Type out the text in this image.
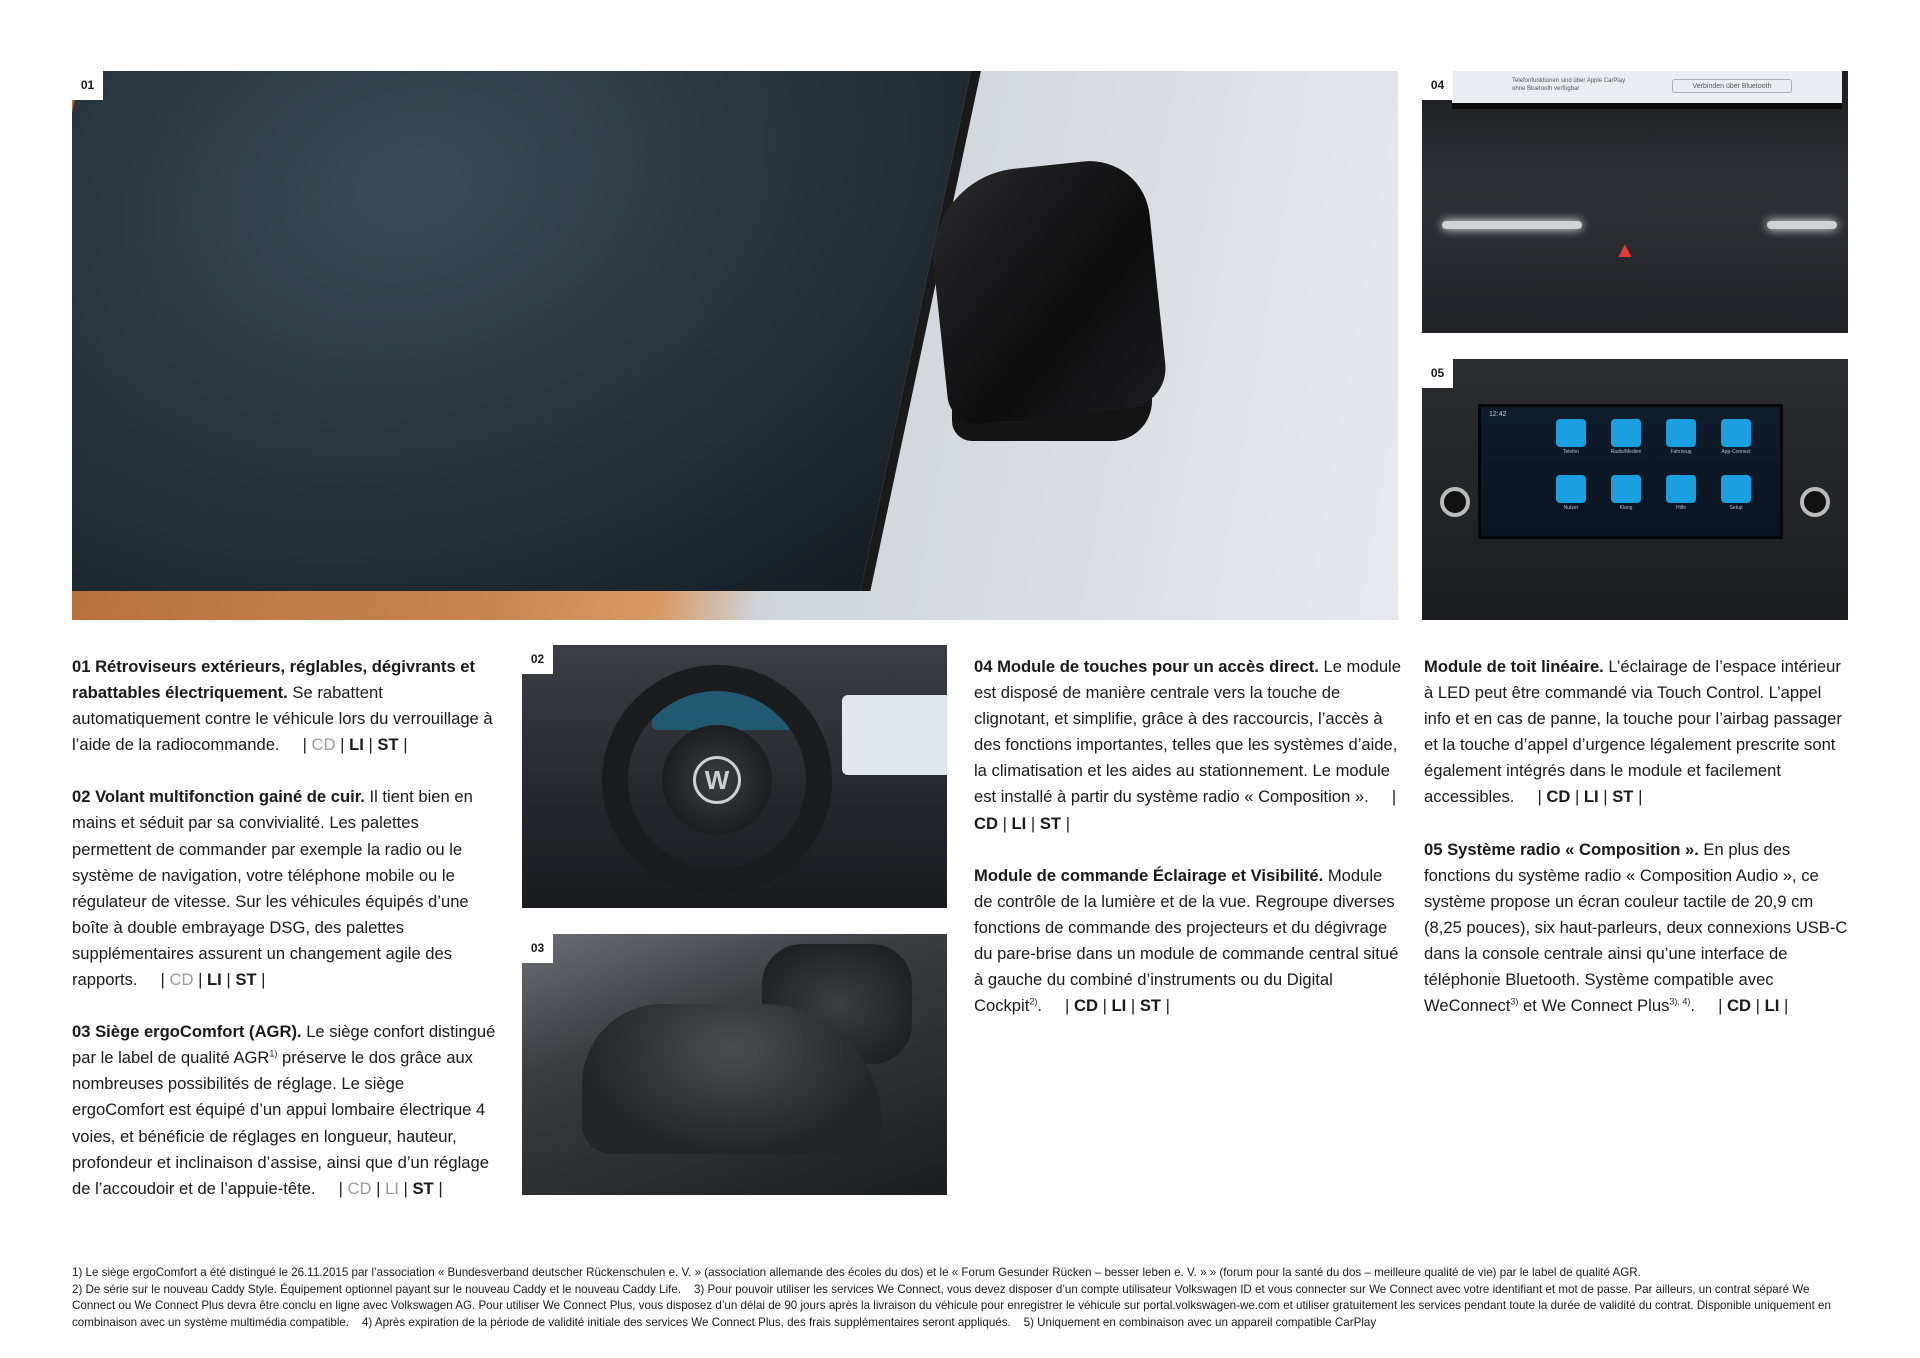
01	Telefonfunktionen sind über Apple CarPlay ohne Bluetooth verfügbar	Verbinden über Bluetooth
04
▲
05
12:42
Telefon	Radio/Medien	Fahrzeug	App-Connect
Nutzer	Klang	Hilfe	Setup
02
W
03

01 Rétroviseurs extérieurs, réglables, dégivrants et rabattables électriquement. Se rabattent automatiquement contre le véhicule lors du verrouillage à l’aide de la radiocommande. | CD | LI | ST |

02 Volant multifonction gainé de cuir. Il tient bien en mains et séduit par sa convivialité. Les palettes permettent de commander par exemple la radio ou le système de navigation, votre téléphone mobile ou le régulateur de vitesse. Sur les véhicules équipés d’une boîte à double embrayage DSG, des palettes supplémentaires assurent un changement agile des rapports. | CD | LI | ST |

03 Siège ergoComfort (AGR). Le siège confort distingué par le label de qualité AGR$^{1)}$ préserve le dos grâce aux nombreuses possibilités de réglage. Le siège ergoComfort est équipé d’un appui lombaire électrique 4 voies, et bénéficie de réglages en longueur, hauteur, profondeur et inclinaison d’assise, ainsi que d’un réglage de l’accoudoir et de l’appuie-tête. | CD | LI | ST |

04 Module de touches pour un accès direct. Le module est disposé de manière centrale vers la touche de clignotant, et simplifie, grâce à des raccourcis, l’accès à des fonctions importantes, telles que les systèmes d’aide, la climatisation et les aides au stationnement. Le module est installé à partir du système radio « Composition ». | CD | LI | ST |

Module de commande Éclairage et Visibilité. Module de contrôle de la lumière et de la vue. Regroupe diverses fonctions de commande des projecteurs et du dégivrage du pare-brise dans un module de commande central situé à gauche du combiné d’instruments ou du Digital Cockpit$^{2)}$.     | CD | LI | ST |

Module de toit linéaire. L’éclairage de l’espace intérieur à LED peut être commandé via Touch Control. L’appel info et en cas de panne, la touche pour l’airbag passager et la touche d’appel d’urgence légalement prescrite sont également intégrés dans le module et facilement accessibles. | CD | LI | ST |

05 Système radio « Composition ». En plus des fonctions du système radio « Composition Audio », ce système propose un écran couleur tactile de 20,9 cm (8,25 pouces), six haut-parleurs, deux connexions USB-C dans la console centrale ainsi qu’une interface de téléphonie Bluetooth. Système compatible avec WeConnect$^{3)}$ et We Connect Plus$^{3), 4)}$. | CD | LI |

1) Le siège ergoComfort a été distingué le 26.11.2015 par l’association « Bundesverband deutscher Rückenschulen e. V. » (association allemande des écoles du dos) et le « Forum Gesunder Rücken – besser leben e. V. » » (forum pour la santé du dos – meilleure qualité de vie) par le label de qualité AGR.
2) De série sur le nouveau Caddy Style. Équipement optionnel payant sur le nouveau Caddy et le nouveau Caddy Life. 3) Pour pouvoir utiliser les services We Connect, vous devez disposer d’un compte utilisateur Volkswagen ID et vous connecter sur We Connect avec votre identifiant et mot de passe. Par ailleurs, un contrat séparé We Connect ou We Connect Plus devra être conclu en ligne avec Volkswagen AG. Pour utiliser We Connect Plus, vous disposez d’un délai de 90 jours après la livraison du véhicule pour enregistrer le véhicule sur portal.volkswagen-we.com et utiliser gratuitement les services pendant toute la durée de validité du contrat. Disponible uniquement en combinaison avec un système multimédia compatible. 4) Après expiration de la période de validité initiale des services We Connect Plus, des frais supplémentaires seront appliqués. 5) Uniquement en combinaison avec un appareil compatible CarPlay
